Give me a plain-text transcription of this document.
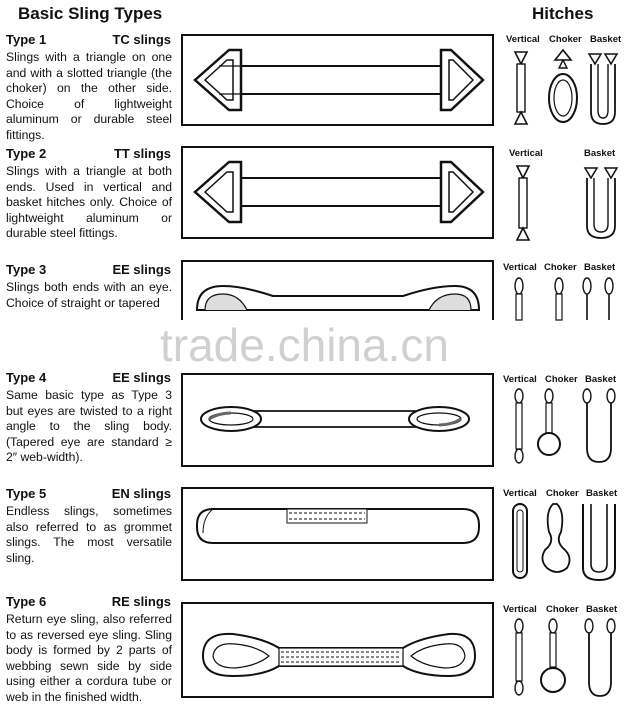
Basic Sling Types	Hitches
Type 1	TC slings
Slings with a triangle on one and with a slotted triangle (the choker) on the other side. Choice of lightweight aluminum or durable steel fittings.
Vertical Choker Basket
Type 2	TT slings
Slings with a triangle at both ends. Used in vertical and basket hitches only. Choice of lightweight aluminum or durable steel fittings.
Vertical	Basket
Type 3	EE slings
Slings both ends with an eye. Choice of straight or tapered
Vertical Choker Basket
trade.china.cn
Type 4	EE slings
Same basic type as Type 3 but eyes are twisted to a right angle to the sling body. (Tapered eye are standard ≥ 2″ web-width).
Vertical Choker Basket
Type 5	EN slings
Endless slings, sometimes also referred to as grommet slings. The most versatile sling.
Vertical Choker Basket
Type 6	RE slings
Return eye sling, also referred to as reversed eye sling. Sling body is formed by 2 parts of webbing sewn side by side using either a cordura tube or web in the finished width.
Vertical Choker Basket
